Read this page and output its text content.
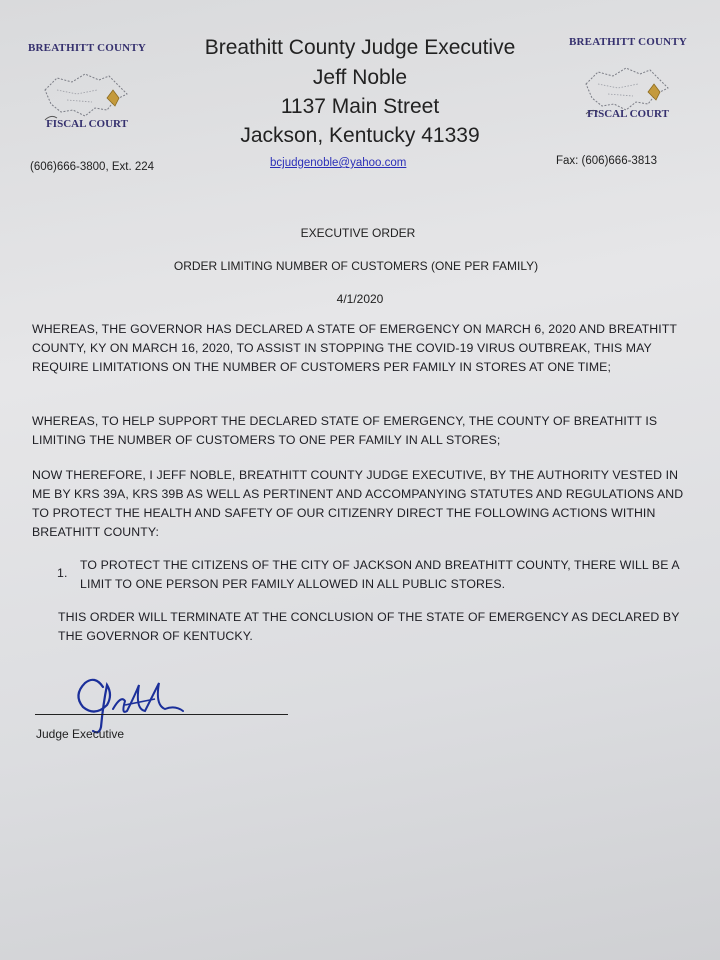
BREATHITT COUNTY
FISCAL COURT
BREATHITT COUNTY
FISCAL COURT
Breathitt County Judge Executive
Jeff Noble
1137 Main Street
Jackson, Kentucky 41339
(606)666-3800, Ext. 224	bcjudgenoble@yahoo.com	Fax: (606)666-3813
EXECUTIVE ORDER
ORDER LIMITING NUMBER OF CUSTOMERS (ONE PER FAMILY)
4/1/2020
WHEREAS, THE GOVERNOR HAS DECLARED A STATE OF EMERGENCY ON MARCH 6, 2020 AND BREATHITT COUNTY, KY ON MARCH 16, 2020, TO ASSIST IN STOPPING THE COVID-19 VIRUS OUTBREAK, THIS MAY REQUIRE LIMITATIONS ON THE NUMBER OF CUSTOMERS PER FAMILY IN STORES AT ONE TIME;
WHEREAS, TO HELP SUPPORT THE DECLARED STATE OF EMERGENCY, THE COUNTY OF BREATHITT IS LIMITING THE NUMBER OF CUSTOMERS TO ONE PER FAMILY IN ALL STORES;
NOW THEREFORE, I JEFF NOBLE, BREATHITT COUNTY JUDGE EXECUTIVE, BY THE AUTHORITY VESTED IN ME BY KRS 39A, KRS 39B AS WELL AS PERTINENT AND ACCOMPANYING STATUTES AND REGULATIONS AND TO PROTECT THE HEALTH AND SAFETY OF OUR CITIZENRY DIRECT THE FOLLOWING ACTIONS WITHIN BREATHITT COUNTY:
1.
TO PROTECT THE CITIZENS OF THE CITY OF JACKSON AND BREATHITT COUNTY, THERE WILL BE A LIMIT TO ONE PERSON PER FAMILY ALLOWED IN ALL PUBLIC STORES.
THIS ORDER WILL TERMINATE AT THE CONCLUSION OF THE STATE OF EMERGENCY AS DECLARED BY THE GOVERNOR OF KENTUCKY.
Judge Executive
